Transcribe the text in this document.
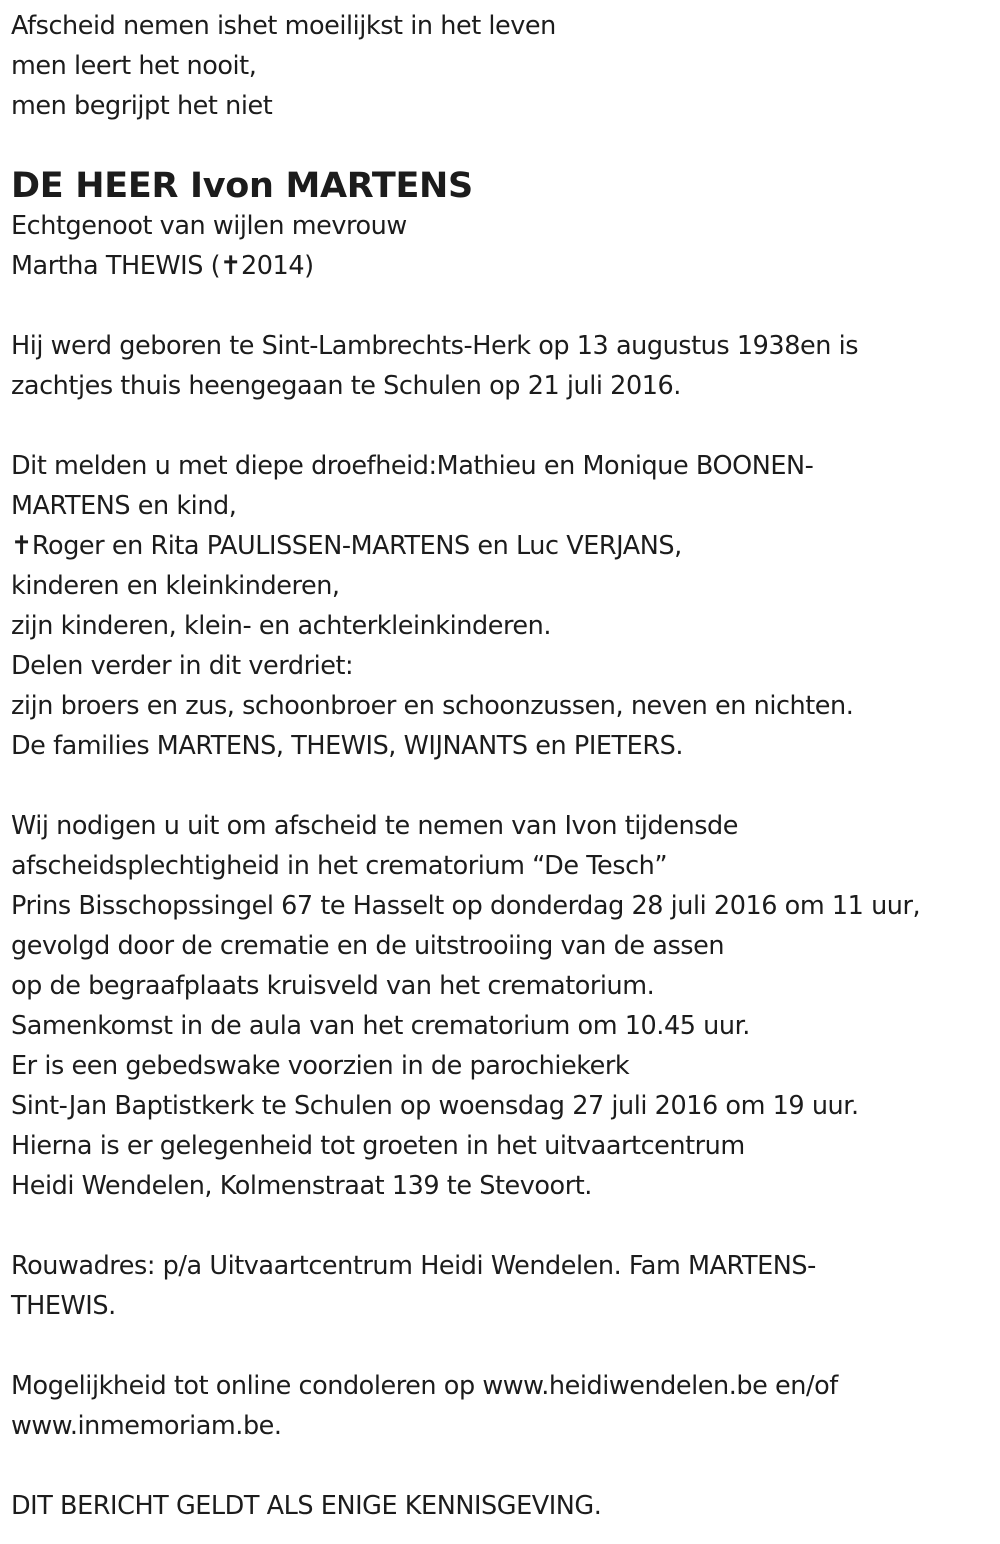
Afscheid nemen ishet moeilijkst in het leven
men leert het nooit,
men begrijpt het niet
DE HEER Ivon MARTENS
Echtgenoot van wijlen mevrouw
Martha THEWIS (✝2014)
Hij werd geboren te Sint-Lambrechts-Herk op 13 augustus 1938en is
zachtjes thuis heengegaan te Schulen op 21 juli 2016.
Dit melden u met diepe droefheid:Mathieu en Monique BOONEN-
MARTENS en kind,
✝Roger en Rita PAULISSEN-MARTENS en Luc VERJANS,
kinderen en kleinkinderen,
zijn kinderen, klein- en achterkleinkinderen.
Delen verder in dit verdriet:
zijn broers en zus, schoonbroer en schoonzussen, neven en nichten.
De families MARTENS, THEWIS, WIJNANTS en PIETERS.
Wij nodigen u uit om afscheid te nemen van Ivon tijdensde
afscheidsplechtigheid in het crematorium “De Tesch”
Prins Bisschopssingel 67 te Hasselt op donderdag 28 juli 2016 om 11 uur,
gevolgd door de crematie en de uitstrooiing van de assen
op de begraafplaats kruisveld van het crematorium.
Samenkomst in de aula van het crematorium om 10.45 uur.
Er is een gebedswake voorzien in de parochiekerk
Sint-Jan Baptistkerk te Schulen op woensdag 27 juli 2016 om 19 uur.
Hierna is er gelegenheid tot groeten in het uitvaartcentrum
Heidi Wendelen, Kolmenstraat 139 te Stevoort.
Rouwadres: p/a Uitvaartcentrum Heidi Wendelen. Fam MARTENS-
THEWIS.
Mogelijkheid tot online condoleren op www.heidiwendelen.be en/of
www.inmemoriam.be.
DIT BERICHT GELDT ALS ENIGE KENNISGEVING.
